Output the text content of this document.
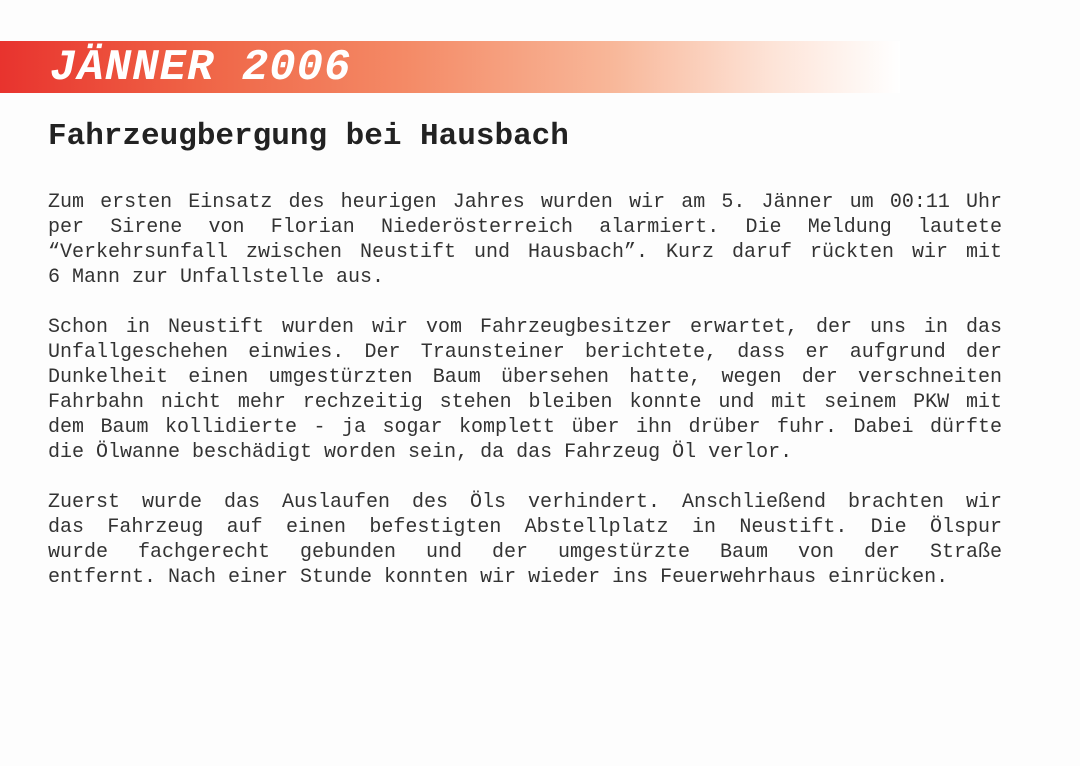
JÄNNER 2006
Fahrzeugbergung bei Hausbach

Zum ersten Einsatz des heurigen Jahres wurden wir am 5. Jänner um 00:11 Uhr
per Sirene von Florian Niederösterreich alarmiert. Die Meldung lautete
“Verkehrsunfall zwischen Neustift und Hausbach”. Kurz daruf rückten wir mit
6 Mann zur Unfallstelle aus.

Schon in Neustift wurden wir vom Fahrzeugbesitzer erwartet, der uns in das
Unfallgeschehen einwies. Der Traunsteiner berichtete, dass er aufgrund der
Dunkelheit einen umgestürzten Baum übersehen hatte, wegen der verschneiten
Fahrbahn nicht mehr rechzeitig stehen bleiben konnte und mit seinem PKW mit
dem Baum kollidierte - ja sogar komplett über ihn drüber fuhr. Dabei dürfte
die Ölwanne beschädigt worden sein, da das Fahrzeug Öl verlor.

Zuerst wurde das Auslaufen des Öls verhindert. Anschließend brachten wir
das Fahrzeug auf einen befestigten Abstellplatz in Neustift. Die Ölspur
wurde fachgerecht gebunden und der umgestürzte Baum von der Straße
entfernt. Nach einer Stunde konnten wir wieder ins Feuerwehrhaus einrücken.
